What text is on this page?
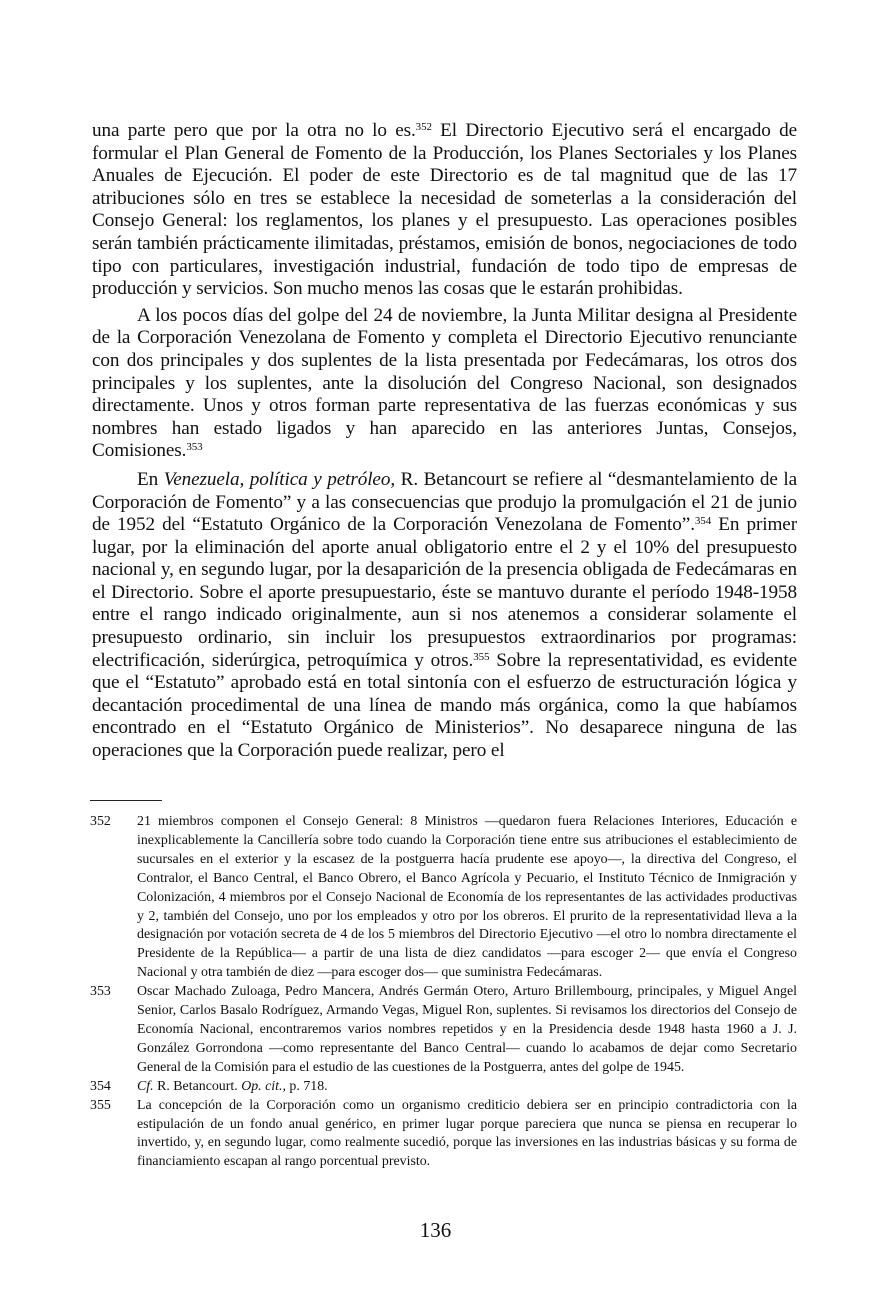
una parte pero que por la otra no lo es.$^{352}$ El Directorio Ejecutivo será el encargado de formular el Plan General de Fomento de la Producción, los Planes Sectoriales y los Planes Anuales de Ejecución. El poder de este Directorio es de tal magnitud que de las 17 atribuciones sólo en tres se establece la necesidad de someterlas a la consideración del Consejo General: los reglamentos, los planes y el presupuesto. Las operaciones posibles serán también prácticamente ilimitadas, préstamos, emisión de bonos, negociaciones de todo tipo con particulares, investigación industrial, fundación de todo tipo de empresas de producción y servicios. Son mucho menos las cosas que le estarán prohibidas.

A los pocos días del golpe del 24 de noviembre, la Junta Militar designa al Presidente de la Corporación Venezolana de Fomento y completa el Directorio Ejecutivo renunciante con dos principales y dos suplentes de la lista presentada por Fedecámaras, los otros dos principales y los suplentes, ante la disolución del Congreso Nacional, son designados directamente. Unos y otros forman parte representativa de las fuerzas económicas y sus nombres han estado ligados y han aparecido en las anteriores Juntas, Consejos, Comisiones.$^{353}$

En Venezuela, política y petróleo, R. Betancourt se refiere al “desmantelamiento de la Corporación de Fomento” y a las consecuencias que produjo la promulgación el 21 de junio de 1952 del “Estatuto Orgánico de la Corporación Venezolana de Fomento”.$^{354}$ En primer lugar, por la eliminación del aporte anual obligatorio entre el 2 y el 10% del presupuesto nacional y, en segundo lugar, por la desaparición de la presencia obligada de Fedecámaras en el Directorio. Sobre el aporte presupuestario, éste se mantuvo durante el período 1948-1958 entre el rango indicado originalmente, aun si nos atenemos a considerar solamente el presupuesto ordinario, sin incluir los presupuestos extraordinarios por programas: electrificación, siderúrgica, petroquímica y otros.$^{355}$ Sobre la representatividad, es evidente que el “Estatuto” aprobado está en total sintonía con el esfuerzo de estructuración lógica y decantación procedimental de una línea de mando más orgánica, como la que habíamos encontrado en el “Estatuto Orgánico de Ministerios”. No desaparece ninguna de las operaciones que la Corporación puede realizar, pero el

352	21 miembros componen el Consejo General: 8 Ministros —quedaron fuera Relaciones Interiores, Educación e inexplicablemente la Cancillería sobre todo cuando la Corporación tiene entre sus atribuciones el establecimiento de sucursales en el exterior y la escasez de la postguerra hacía prudente ese apoyo—, la directiva del Congreso, el Contralor, el Banco Central, el Banco Obrero, el Banco Agrícola y Pecuario, el Instituto Técnico de Inmigración y Colonización, 4 miembros por el Consejo Nacional de Economía de los representantes de las actividades productivas y 2, también del Consejo, uno por los empleados y otro por los obreros. El prurito de la representatividad lleva a la designación por votación secreta de 4 de los 5 miembros del Directorio Ejecutivo —el otro lo nombra directamente el Presidente de la República— a partir de una lista de diez candidatos —para escoger 2— que envía el Congreso Nacional y otra también de diez —para escoger dos— que suministra Fedecámaras.
353	Oscar Machado Zuloaga, Pedro Mancera, Andrés Germán Otero, Arturo Brillembourg, principales, y Miguel Angel Senior, Carlos Basalo Rodríguez, Armando Vegas, Miguel Ron, suplentes. Si revisamos los directorios del Consejo de Economía Nacional, encontraremos varios nombres repetidos y en la Presidencia desde 1948 hasta 1960 a J. J. González Gorrondona —como representante del Banco Central— cuando lo acabamos de dejar como Secretario General de la Comisión para el estudio de las cuestiones de la Postguerra, antes del golpe de 1945.
354	Cf. R. Betancourt. Op. cit., p. 718.
355	La concepción de la Corporación como un organismo crediticio debiera ser en principio contradictoria con la estipulación de un fondo anual genérico, en primer lugar porque pareciera que nunca se piensa en recuperar lo invertido, y, en segundo lugar, como realmente sucedió, porque las inversiones en las industrias básicas y su forma de financiamiento escapan al rango porcentual previsto.
136
